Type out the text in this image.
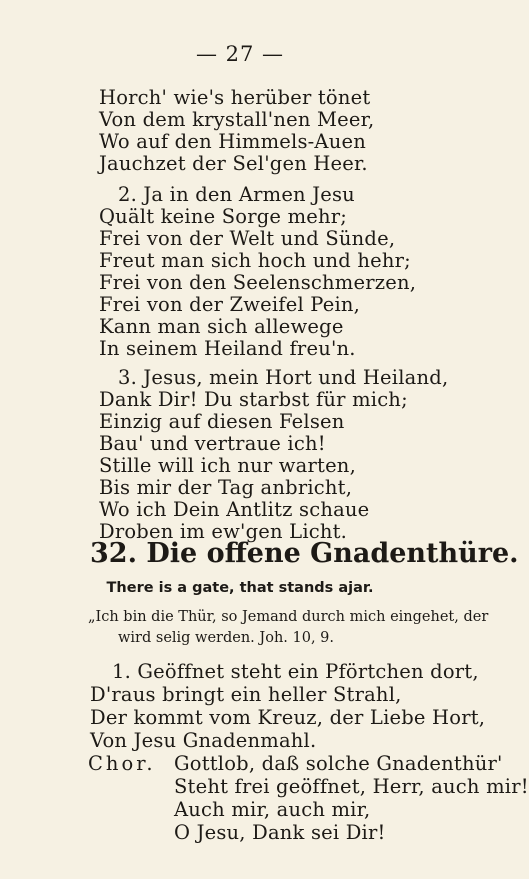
— 27 —
Horch' wie's herüber tönet
Von dem krystall'nen Meer,
Wo auf den Himmels-Auen
Jauchzet der Sel'gen Heer.
2. Ja in den Armen Jesu
Quält keine Sorge mehr;
Frei von der Welt und Sünde,
Freut man sich hoch und hehr;
Frei von den Seelenschmerzen,
Frei von der Zweifel Pein,
Kann man sich allewege
In seinem Heiland freu'n.
3. Jesus, mein Hort und Heiland,
Dank Dir! Du starbst für mich;
Einzig auf diesen Felsen
Bau' und vertraue ich!
Stille will ich nur warten,
Bis mir der Tag anbricht,
Wo ich Dein Antlitz schaue
Droben im ew'gen Licht.
32. Die offene Gnadenthüre.
There is a gate, that stands ajar.
„Ich bin die Thür, so Jemand durch mich eingehet, der
wird selig werden. Joh. 10, 9.
1. Geöffnet steht ein Pförtchen dort,
D'raus bringt ein heller Strahl,
Der kommt vom Kreuz, der Liebe Hort,
Von Jesu Gnadenmahl.
Chor. Gottlob, daß solche Gnadenthür'
Steht frei geöffnet, Herr, auch mir!
Auch mir, auch mir,
O Jesu, Dank sei Dir!
